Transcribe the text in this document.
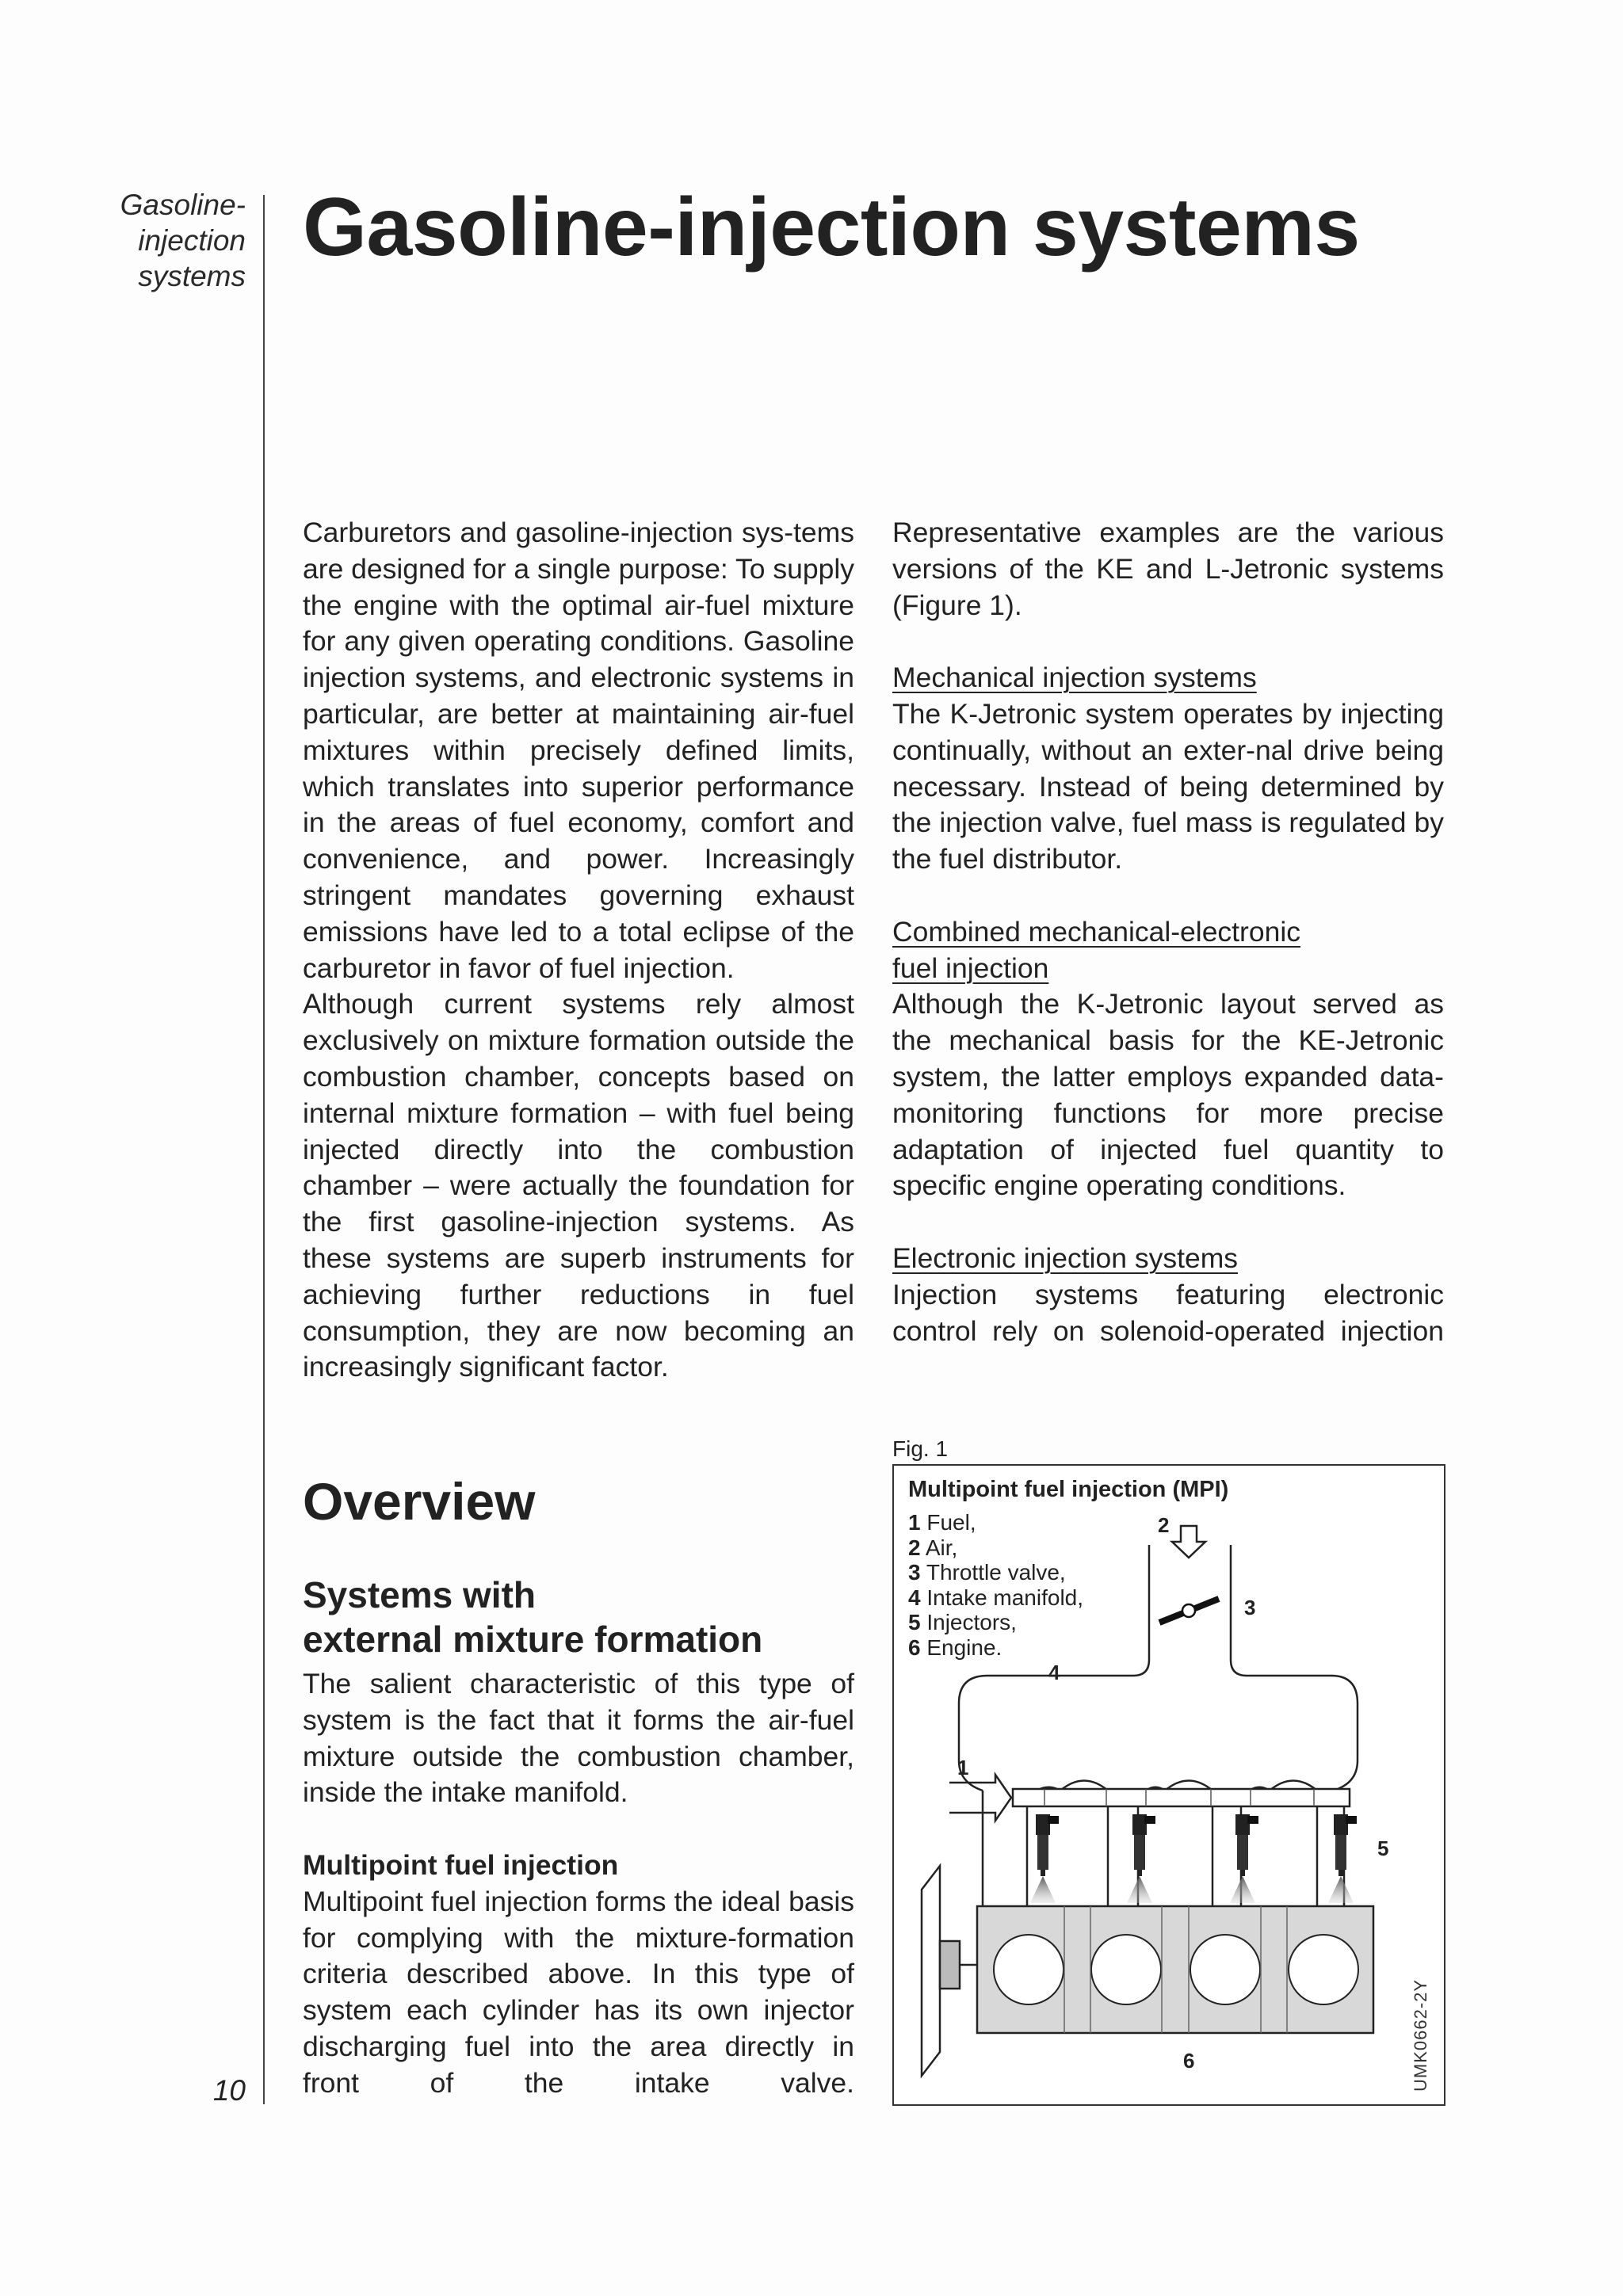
Gasoline-
injection
systems
10
Gasoline-injection systems

Carburetors and gasoline-injection sys-tems are designed for a single purpose: To supply the engine with the optimal air-fuel mixture for any given operating conditions. Gasoline injection systems, and electronic systems in particular, are better at maintaining air-fuel mixtures within precisely defined limits, which translates into superior performance in the areas of fuel economy, comfort and convenience, and power. Increasingly stringent mandates governing exhaust emissions have led to a total eclipse of the carburetor in favor of fuel injection.

Although current systems rely almost exclusively on mixture formation outside the combustion chamber, concepts based on internal mixture formation – with fuel being injected directly into the combustion chamber – were actually the foundation for the first gasoline-injection systems. As these systems are superb instruments for achieving further reductions in fuel consumption, they are now becoming an increasingly significant factor.

Overview
Systems with
external mixture formation

The salient characteristic of this type of system is the fact that it forms the air-fuel mixture outside the combustion chamber, inside the intake manifold.

Multipoint fuel injection

Multipoint fuel injection forms the ideal basis for complying with the mixture-formation criteria described above. In this type of system each cylinder has its own injector discharging fuel into the area directly in front of the intake valve.

Representative examples are the various versions of the KE and L-Jetronic systems (Figure 1).

Mechanical injection systems

The K-Jetronic system operates by injecting continually, without an exter-nal drive being necessary. Instead of being determined by the injection valve, fuel mass is regulated by the fuel distributor.

Combined mechanical-electronic
fuel injection

Although the K-Jetronic layout served as the mechanical basis for the KE-Jetronic system, the latter employs expanded data-monitoring functions for more precise adaptation of injected fuel quantity to specific engine operating conditions.

Electronic injection systems

Injection systems featuring electronic control rely on solenoid-operated injection

Fig. 1
2
3
4
1
5
6	UMK0662-2Y
Multipoint fuel injection (MPI)
1 Fuel,
2 Air,
3 Throttle valve,
4 Intake manifold,
5 Injectors,
6 Engine.
